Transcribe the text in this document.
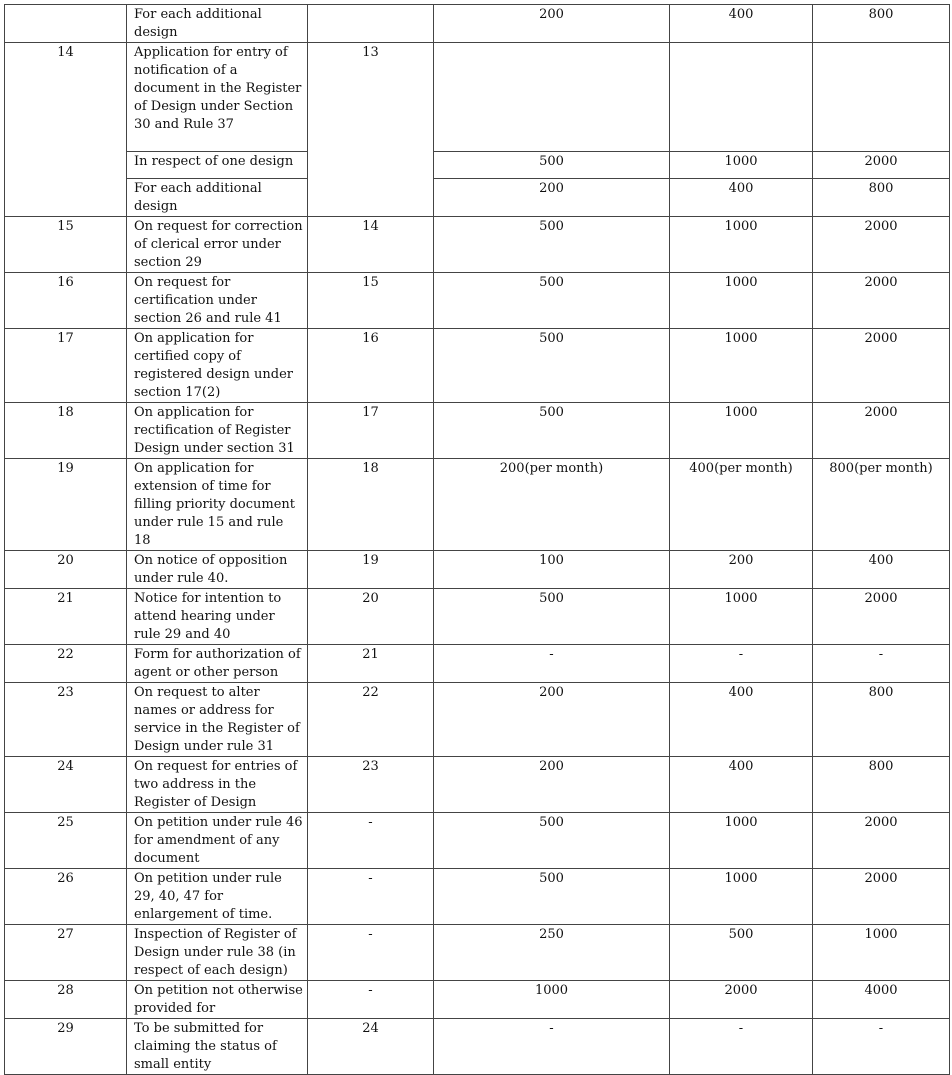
	For each additional design		200	400	800
14	Application for entry of notification of a document in the Register of Design under Section 30 and Rule 37	13			
	In respect of one design		500	1000	2000
	For each additional design		200	400	800
15	On request for correction of clerical error under section 29	14	500	1000	2000
16	On request for certification under section 26 and rule 41	15	500	1000	2000
17	On application for certified copy of registered design under section 17(2)	16	500	1000	2000
18	On application for rectification of Register Design under section 31	17	500	1000	2000
19	On application for extension of time for filling priority document under rule 15 and rule 18	18	200(per month)	400(per month)	800(per month)
20	On notice of opposition under rule 40.	19	100	200	400
21	Notice for intention to attend hearing under rule 29 and 40	20	500	1000	2000
22	Form for authorization of agent or other person	21	-	-	-
23	On request to alter names or address for service in the Register of Design under rule 31	22	200	400	800
24	On request for entries of two address in the Register of Design	23	200	400	800
25	On petition under rule 46 for amendment of any document	-	500	1000	2000
26	On petition under rule 29, 40, 47 for enlargement of time.	-	500	1000	2000
27	Inspection of Register of Design under rule 38 (in respect of each design)	-	250	500	1000
28	On petition not otherwise provided for	-	1000	2000	4000
29	To be submitted for claiming the status of small entity	24	-	-	-
